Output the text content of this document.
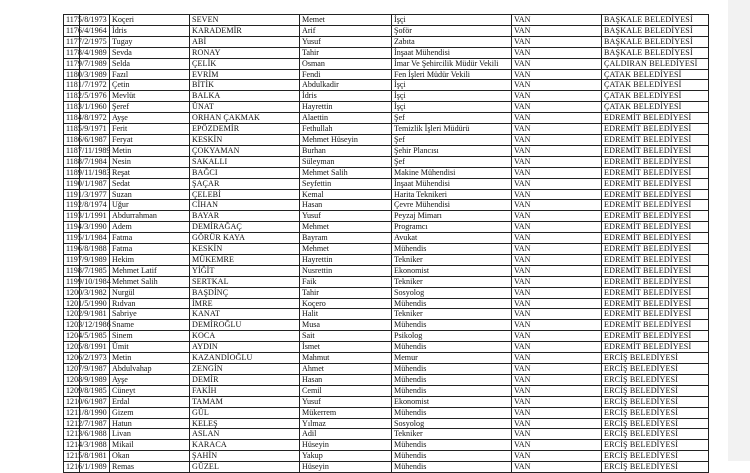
1175	/8/1973	Koçeri	SEVEN	Memet	İşçi	VAN	BAŞKALE BELEDİYESİ
1176	/4/1964	İdris	KARADEMİR	Arif	Şoför	VAN	BAŞKALE BELEDİYESİ
1177	/2/1975	Tugay	ABİ	Yusuf	Zabıta	VAN	BAŞKALE BELEDİYESİ
1178	/4/1989	Sevda	RONAY	Tahir	İnşaat Mühendisi	VAN	BAŞKALE BELEDİYESİ
1179	/7/1989	Selda	ÇELİK	Osman	İmar Ve Şehircilik Müdür Vekili	VAN	ÇALDIRAN BELEDİYESİ
1180	/3/1989	Fazıl	EVRİM	Fendi	Fen İşleri Müdür Vekili	VAN	ÇATAK BELEDİYESİ
1181	/7/1972	Çetin	BİTİK	Abdulkadir	İşçi	VAN	ÇATAK BELEDİYESİ
1182	/5/1976	Mevlüt	BALKA	İdris	İşçi	VAN	ÇATAK BELEDİYESİ
1183	/1/1960	Şeref	ÜNAT	Hayrettin	İşçi	VAN	ÇATAK BELEDİYESİ
1184	/8/1972	Ayşe	ORHAN ÇAKMAK	Alaettin	Şef	VAN	EDREMİT BELEDİYESİ
1185	/9/1971	Ferit	EPÖZDEMİR	Fethullah	Temizlik İşleri Müdürü	VAN	EDREMİT BELEDİYESİ
1186	/6/1987	Feryat	KESKİN	Mehmet Hüseyin	Şef	VAN	EDREMİT BELEDİYESİ
1187	/11/1989	Metin	ÇOKYAMAN	Burhan	Şehir Plancısı	VAN	EDREMİT BELEDİYESİ
1188	/7/1984	Nesin	SAKALLI	Süleyman	Şef	VAN	EDREMİT BELEDİYESİ
1189	/11/1983	Reşat	BAĞCI	Mehmet Salih	Makine Mühendisi	VAN	EDREMİT BELEDİYESİ
1190	/1/1987	Sedat	ŞAÇAR	Seyfettin	İnşaat Mühendisi	VAN	EDREMİT BELEDİYESİ
1191	/3/1977	Suzan	ÇELEBİ	Kemal	Harita Teknikeri	VAN	EDREMİT BELEDİYESİ
1192	/8/1974	Uğur	CİHAN	Hasan	Çevre Mühendisi	VAN	EDREMİT BELEDİYESİ
1193	/1/1991	Abdurrahman	BAYAR	Yusuf	Peyzaj Mimarı	VAN	EDREMİT BELEDİYESİ
1194	/3/1990	Adem	DEMİRAĞAÇ	Mehmet	Programcı	VAN	EDREMİT BELEDİYESİ
1195	/1/1984	Fatma	GÖRÜR KAYA	Bayram	Avukat	VAN	EDREMİT BELEDİYESİ
1196	/8/1988	Fatma	KESKİN	Mehmet	Mühendis	VAN	EDREMİT BELEDİYESİ
1197	/9/1989	Hekim	MÜKEMRE	Hayrettin	Tekniker	VAN	EDREMİT BELEDİYESİ
1198	/7/1985	Mehmet Latif	YİĞİT	Nusrettin	Ekonomist	VAN	EDREMİT BELEDİYESİ
1199	/10/1984	Mehmet Salih	SERTKAL	Faik	Tekniker	VAN	EDREMİT BELEDİYESİ
1200	/3/1982	Nurgül	BAŞDİNÇ	Tahir	Sosyolog	VAN	EDREMİT BELEDİYESİ
1201	/5/1990	Rıdvan	İMRE	Koçero	Mühendis	VAN	EDREMİT BELEDİYESİ
1202	/9/1981	Sabriye	KANAT	Halit	Tekniker	VAN	EDREMİT BELEDİYESİ
1203	/12/1986	Sname	DEMİROĞLU	Musa	Mühendis	VAN	EDREMİT BELEDİYESİ
1204	/5/1985	Sinem	KOCA	Sait	Psikolog	VAN	EDREMİT BELEDİYESİ
1205	/8/1991	Ümit	AYDIN	İsmet	Mühendis	VAN	EDREMİT BELEDİYESİ
1206	/2/1973	Metin	KAZANDİOĞLU	Mahmut	Memur	VAN	ERCİŞ BELEDİYESİ
1207	/9/1987	Abdulvahap	ZENGİN	Ahmet	Mühendis	VAN	ERCİŞ BELEDİYESİ
1208	/9/1989	Ayşe	DEMİR	Hasan	Mühendis	VAN	ERCİŞ BELEDİYESİ
1209	/8/1985	Cüneyt	FAKİH	Cemil	Mühendis	VAN	ERCİŞ BELEDİYESİ
1210	/6/1987	Erdal	TAMAM	Yusuf	Ekonomist	VAN	ERCİŞ BELEDİYESİ
1211	/8/1990	Gizem	GÜL	Mükerrem	Mühendis	VAN	ERCİŞ BELEDİYESİ
1212	/7/1987	Hatun	KELEŞ	Yılmaz	Sosyolog	VAN	ERCİŞ BELEDİYESİ
1213	/6/1988	Livan	ASLAN	Adil	Tekniker	VAN	ERCİŞ BELEDİYESİ
1214	/3/1988	Mikail	KARACA	Hüseyin	Mühendis	VAN	ERCİŞ BELEDİYESİ
1215	/8/1981	Okan	ŞAHİN	Yakup	Mühendis	VAN	ERCİŞ BELEDİYESİ
1216	/1/1989	Remas	GÜZEL	Hüseyin	Mühendis	VAN	ERCİŞ BELEDİYESİ
